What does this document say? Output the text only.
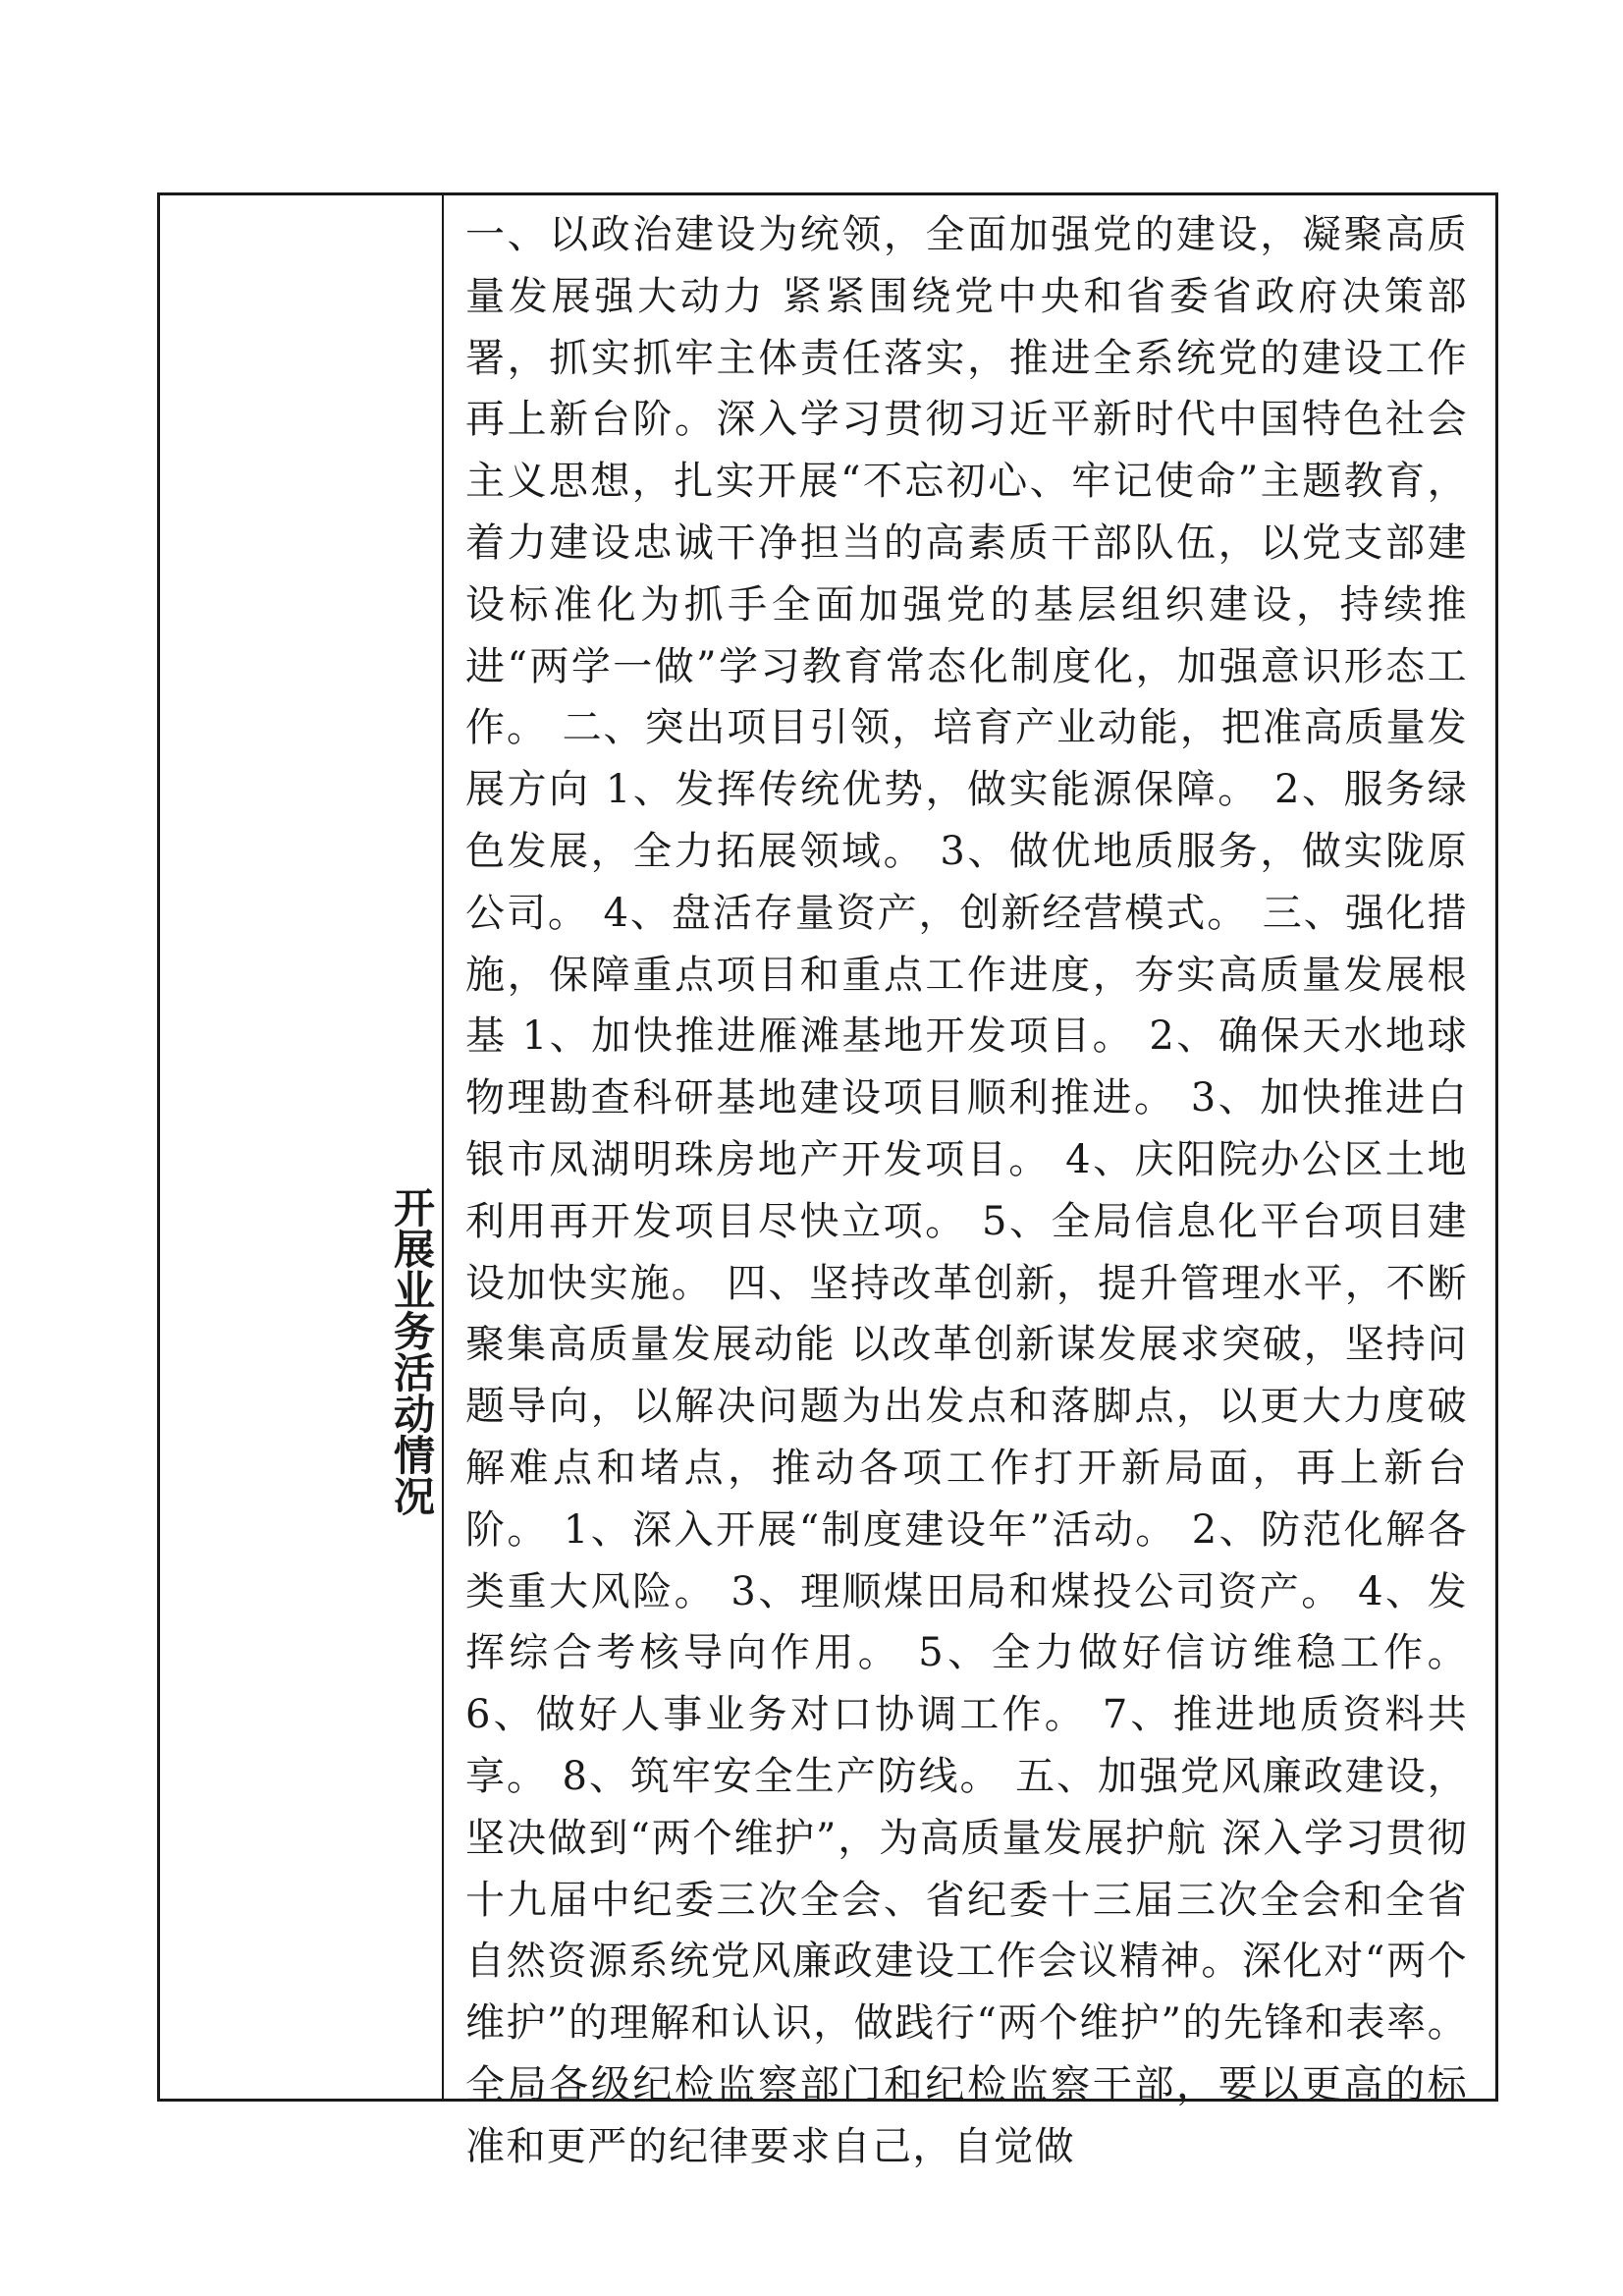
开展业务活动情况

一、以政治建设为统领，全面加强党的建设，凝聚高质量发展强大动力 紧紧围绕党中央和省委省政府决策部署，抓实抓牢主体责任落实，推进全系统党的建设工作再上新台阶。深入学习贯彻习近平新时代中国特色社会主义思想，扎实开展“不忘初心、牢记使命”主题教育，着力建设忠诚干净担当的高素质干部队伍，以党支部建设标准化为抓手全面加强党的基层组织建设，持续推进“两学一做”学习教育常态化制度化，加强意识形态工作。 二、突出项目引领，培育产业动能，把准高质量发展方向 1、发挥传统优势，做实能源保障。 2、服务绿色发展，全力拓展领域。 3、做优地质服务，做实陇原公司。 4、盘活存量资产，创新经营模式。 三、强化措施，保障重点项目和重点工作进度，夯实高质量发展根基 1、加快推进雁滩基地开发项目。 2、确保天水地球物理勘查科研基地建设项目顺利推进。 3、加快推进白银市凤湖明珠房地产开发项目。 4、庆阳院办公区土地利用再开发项目尽快立项。 5、全局信息化平台项目建设加快实施。 四、坚持改革创新，提升管理水平，不断聚集高质量发展动能 以改革创新谋发展求突破，坚持问题导向，以解决问题为出发点和落脚点，以更大力度破解难点和堵点，推动各项工作打开新局面，再上新台阶。 1、深入开展“制度建设年”活动。 2、防范化解各类重大风险。 3、理顺煤田局和煤投公司资产。 4、发挥综合考核导向作用。 5、全力做好信访维稳工作。 6、做好人事业务对口协调工作。 7、推进地质资料共享。 8、筑牢安全生产防线。 五、加强党风廉政建设，坚决做到“两个维护”，为高质量发展护航 深入学习贯彻十九届中纪委三次全会、省纪委十三届三次全会和全省自然资源系统党风廉政建设工作会议精神。深化对“两个维护”的理解和认识，做践行“两个维护”的先锋和表率。全局各级纪检监察部门和纪检监察干部，要以更高的标准和更严的纪律要求自己，自觉做
